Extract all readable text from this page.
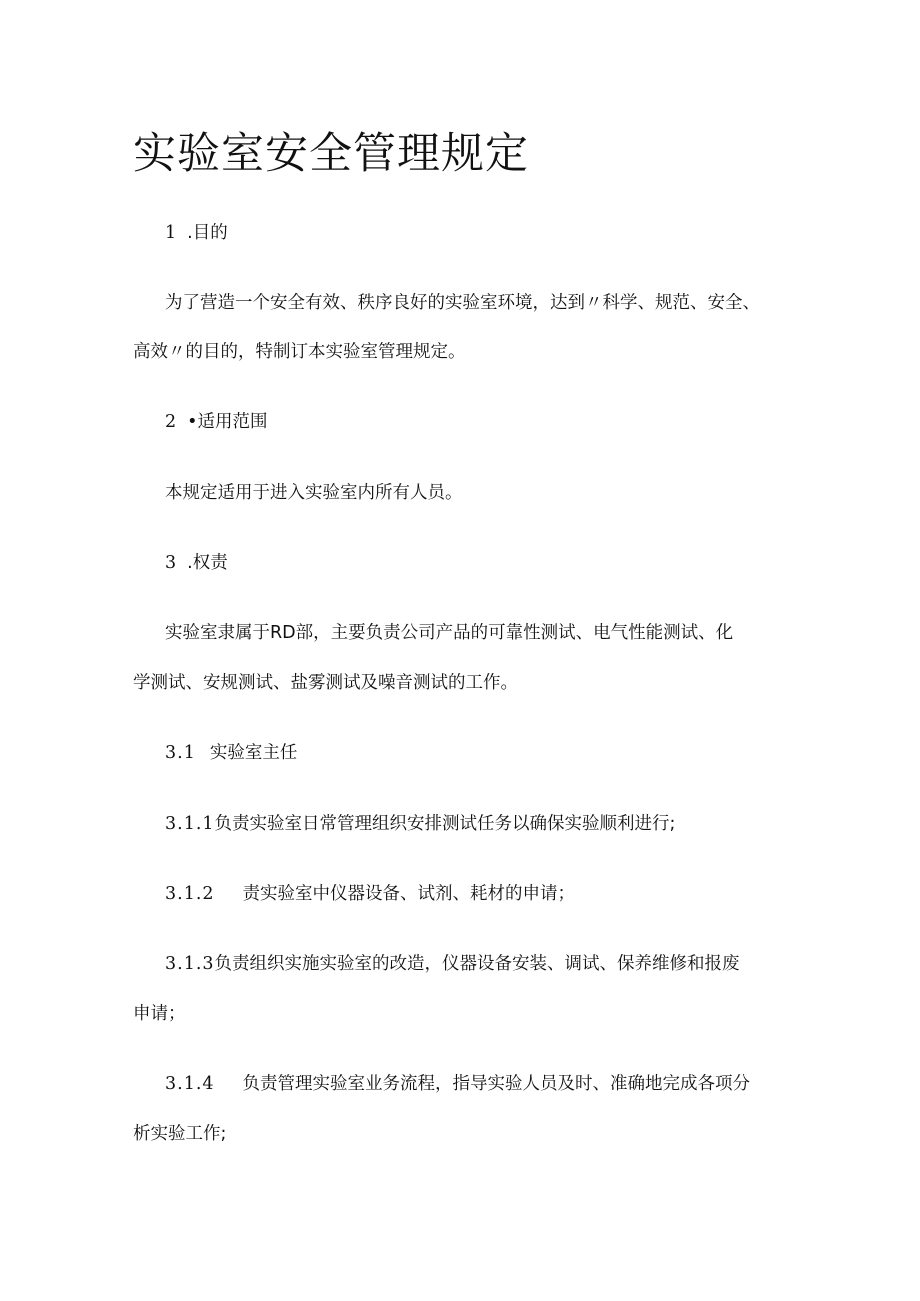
实验室安全管理规定
1 .目的
为了营造一个安全有效、秩序良好的实验室环境，达到〃科学、规范、安全、
高效〃的目的，特制订本实验室管理规定。
2 •适用范围
本规定适用于进入实验室内所有人员。
3 .权责
实验室隶属于RD部，主要负责公司产品的可靠性测试、电气性能测试、化
学测试、安规测试、盐雾测试及噪音测试的工作。
3.1 实验室主任
3.1.1负责实验室日常管理组织安排测试任务以确保实验顺利进行;
3.1.2 责实验室中仪器设备、试剂、耗材的申请；
3.1.3负责组织实施实验室的改造，仪器设备安装、调试、保养维修和报废
申请；
3.1.4 负责管理实验室业务流程，指导实验人员及时、准确地完成各项分
析实验工作;
